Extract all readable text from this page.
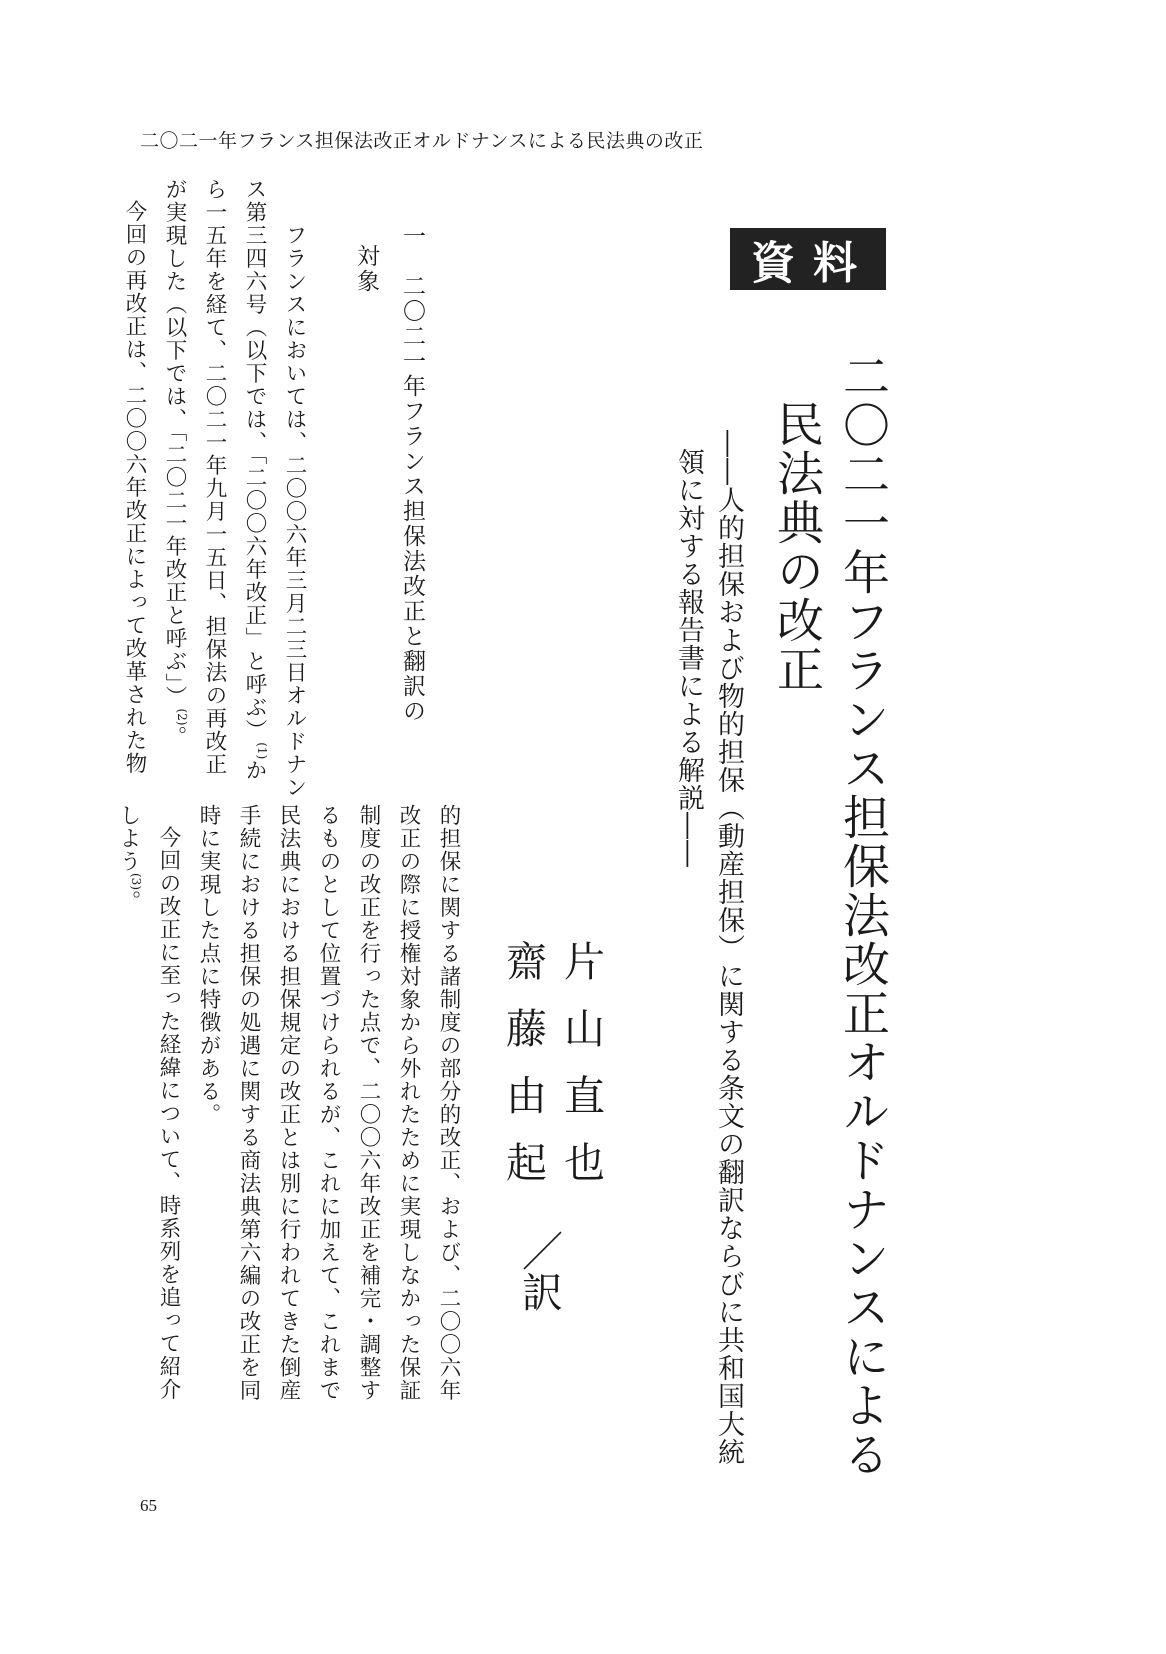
二〇二一年フランス担保法改正オルドナンスによる民法典の改正
資料
二〇二一年フランス担保法改正オルドナンスによる
民法典の改正
――人的担保および物的担保（動産担保）に関する条文の翻訳ならびに共和国大統
領に対する報告書による解説――
片山直也
齋藤由起
／訳
一　二〇二一年フランス担保法改正と翻訳の
対象
フランスにおいては、二〇〇六年三月二三日オルドナン
ス第三四六号（以下では、「二〇〇六年改正」と呼ぶ）$^{(1)}$か
ら一五年を経て、二〇二一年九月一五日、担保法の再改正
が実現した（以下では、「二〇二一年改正と呼ぶ」）$^{(2)}$。
今回の再改正は、二〇〇六年改正によって改革された物
的担保に関する諸制度の部分的改正、および、二〇〇六年
改正の際に授権対象から外れたために実現しなかった保証
制度の改正を行った点で、二〇〇六年改正を補完・調整す
るものとして位置づけられるが、これに加えて、これまで
民法典における担保規定の改正とは別に行われてきた倒産
手続における担保の処遇に関する商法典第六編の改正を同
時に実現した点に特徴がある。
今回の改正に至った経緯について、時系列を追って紹介
しよう$^{(3)}$。
65
